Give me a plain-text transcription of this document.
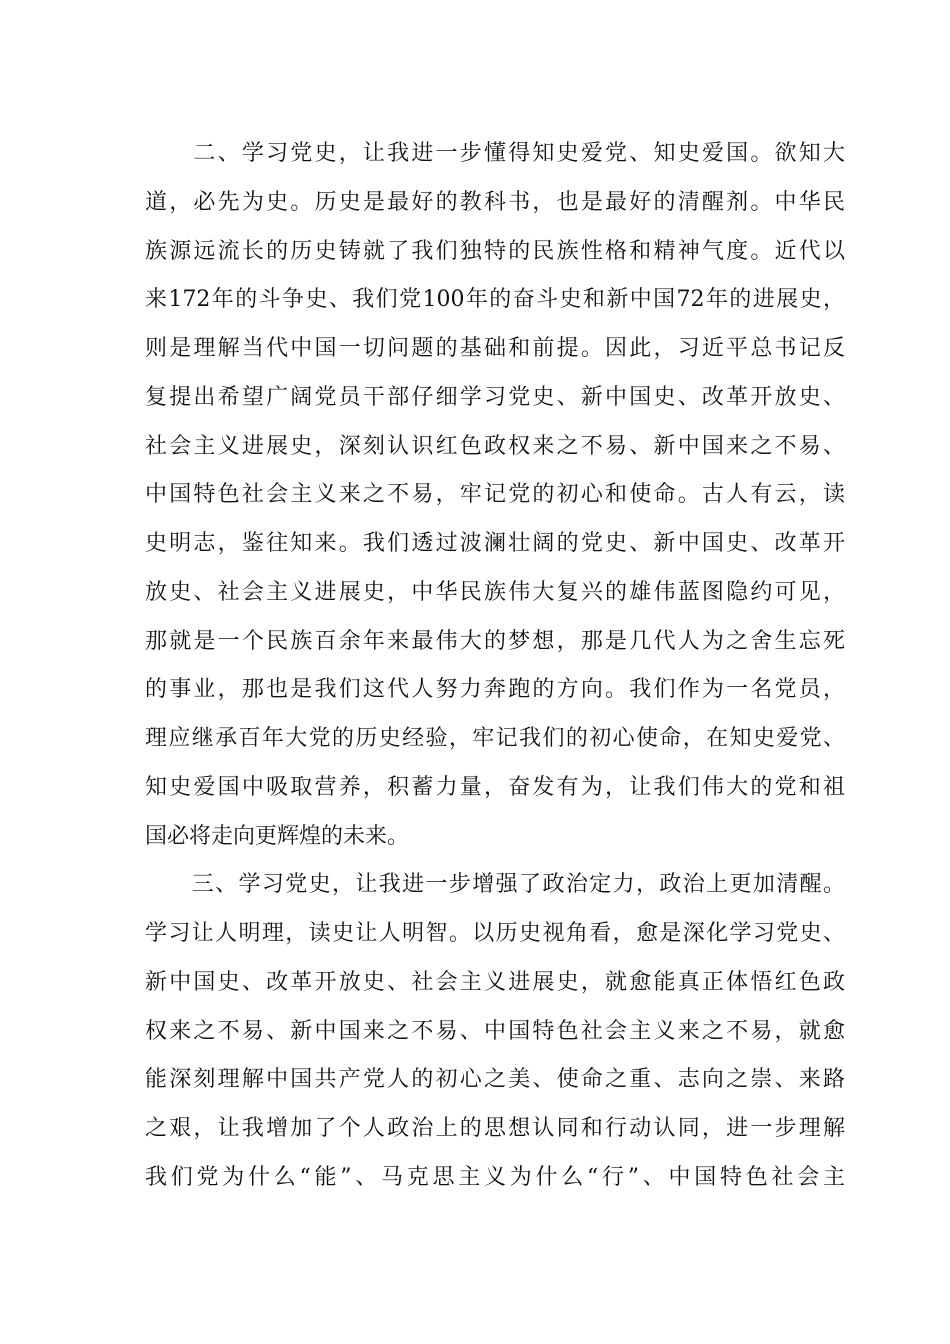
　　二、学习党史，让我进一步懂得知史爱党、知史爱国。欲知大
道，必先为史。历史是最好的教科书，也是最好的清醒剂。中华民
族源远流长的历史铸就了我们独特的民族性格和精神气度。近代以
来172年的斗争史、我们党100年的奋斗史和新中国72年的进展史，
则是理解当代中国一切问题的基础和前提。因此，习近平总书记反
复提出希望广阔党员干部仔细学习党史、新中国史、改革开放史、
社会主义进展史，深刻认识红色政权来之不易、新中国来之不易、
中国特色社会主义来之不易，牢记党的初心和使命。古人有云，读
史明志，鉴往知来。我们透过波澜壮阔的党史、新中国史、改革开
放史、社会主义进展史，中华民族伟大复兴的雄伟蓝图隐约可见，
那就是一个民族百余年来最伟大的梦想，那是几代人为之舍生忘死
的事业，那也是我们这代人努力奔跑的方向。我们作为一名党员，
理应继承百年大党的历史经验，牢记我们的初心使命，在知史爱党、
知史爱国中吸取营养，积蓄力量，奋发有为，让我们伟大的党和祖
国必将走向更辉煌的未来。
　　三、学习党史，让我进一步增强了政治定力，政治上更加清醒。
学习让人明理，读史让人明智。以历史视角看，愈是深化学习党史、
新中国史、改革开放史、社会主义进展史，就愈能真正体悟红色政
权来之不易、新中国来之不易、中国特色社会主义来之不易，就愈
能深刻理解中国共产党人的初心之美、使命之重、志向之崇、来路
之艰，让我增加了个人政治上的思想认同和行动认同，进一步理解
我们党为什么“能”、马克思主义为什么“行”、中国特色社会主
